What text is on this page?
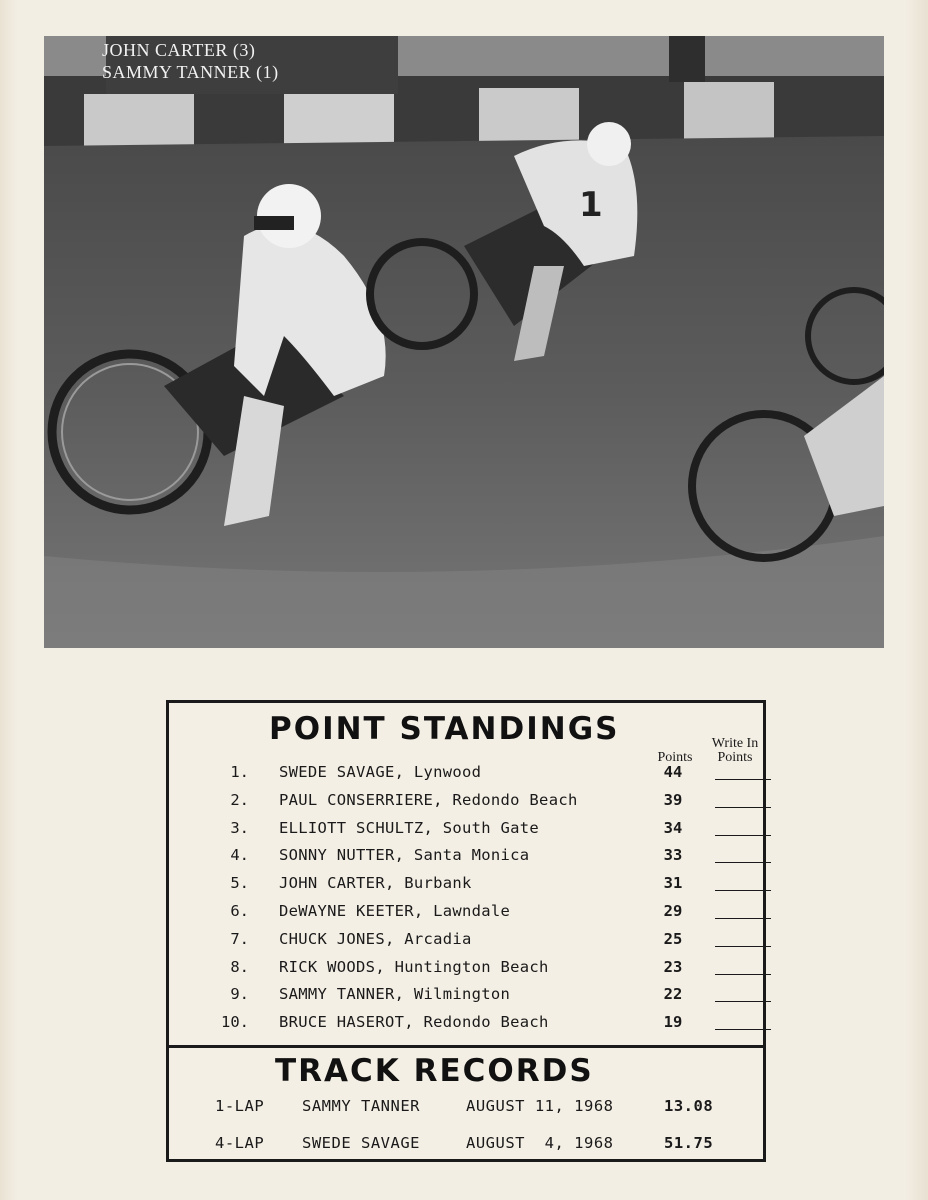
1
JOHN CARTER (3)
SAMMY TANNER (1)
POINT STANDINGS
Points
Write In
Points
1. SWEDE SAVAGE, Lynwood	44
2. PAUL CONSERRIERE, Redondo Beach	39
3. ELLIOTT SCHULTZ, South Gate	34
4. SONNY NUTTER, Santa Monica	33
5. JOHN CARTER, Burbank	31
6. DeWAYNE KEETER, Lawndale	29
7. CHUCK JONES, Arcadia	25
8. RICK WOODS, Huntington Beach	23
9. SAMMY TANNER, Wilmington	22
10. BRUCE HASEROT, Redondo Beach	19
TRACK RECORDS
1-LAP SAMMY TANNER	AUGUST 11, 1968	13.08
4-LAP SWEDE SAVAGE	AUGUST  4, 1968	51.75
